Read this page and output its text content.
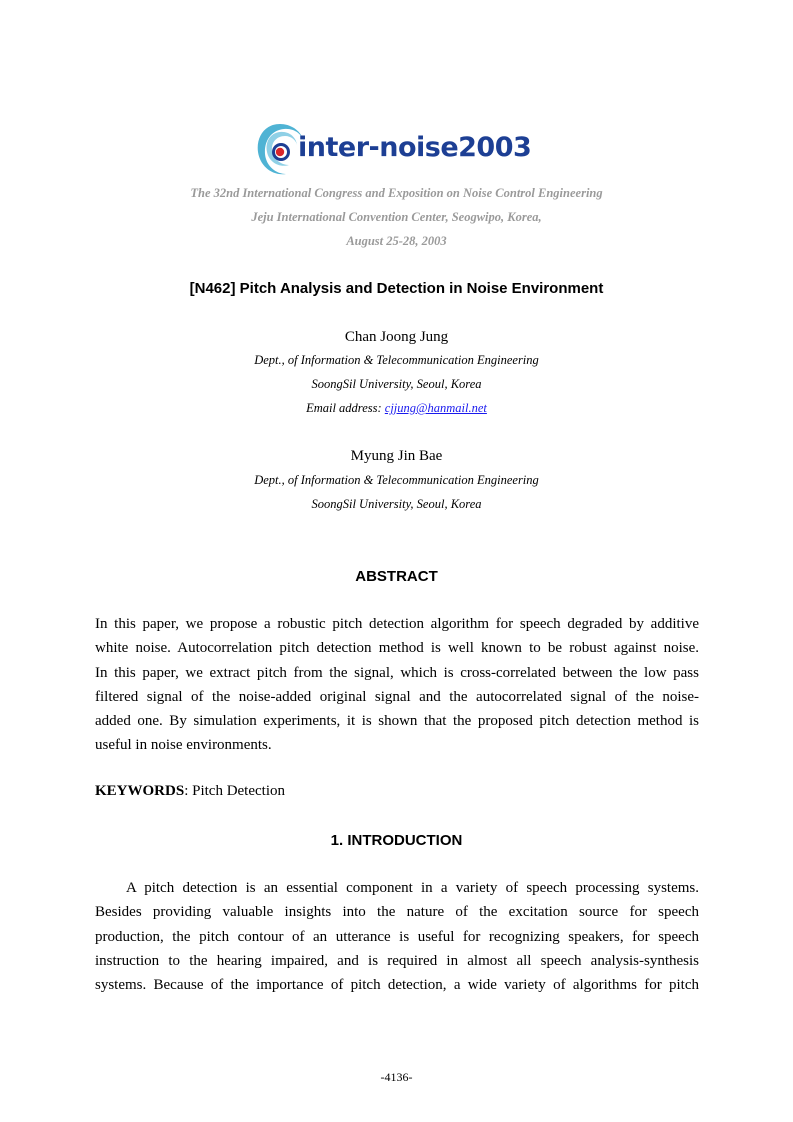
inter-noise2003
The 32nd International Congress and Exposition on Noise Control Engineering
Jeju International Convention Center, Seogwipo, Korea,
August 25-28, 2003
[N462] Pitch Analysis and Detection in Noise Environment
Chan Joong Jung
Dept., of Information & Telecommunication Engineering
SoongSil University, Seoul, Korea
Email address: cjjung@hanmail.net
Myung Jin Bae
Dept., of Information & Telecommunication Engineering
SoongSil University, Seoul, Korea
ABSTRACT
In this paper, we propose a robustic pitch detection algorithm for speech degraded by additive
white noise. Autocorrelation pitch detection method is well known to be robust against noise.
In this paper, we extract pitch from the signal, which is cross-correlated between the low pass
filtered signal of the noise-added original signal and the autocorrelated signal of the noise-
added one. By simulation experiments, it is shown that the proposed pitch detection method is
useful in noise environments.
KEYWORDS: Pitch Detection
1. INTRODUCTION
A pitch detection is an essential component in a variety of speech processing systems.
Besides providing valuable insights into the nature of the excitation source for speech
production, the pitch contour of an utterance is useful for recognizing speakers, for speech
instruction to the hearing impaired, and is required in almost all speech analysis-synthesis
systems. Because of the importance of pitch detection, a wide variety of algorithms for pitch
-4136-
